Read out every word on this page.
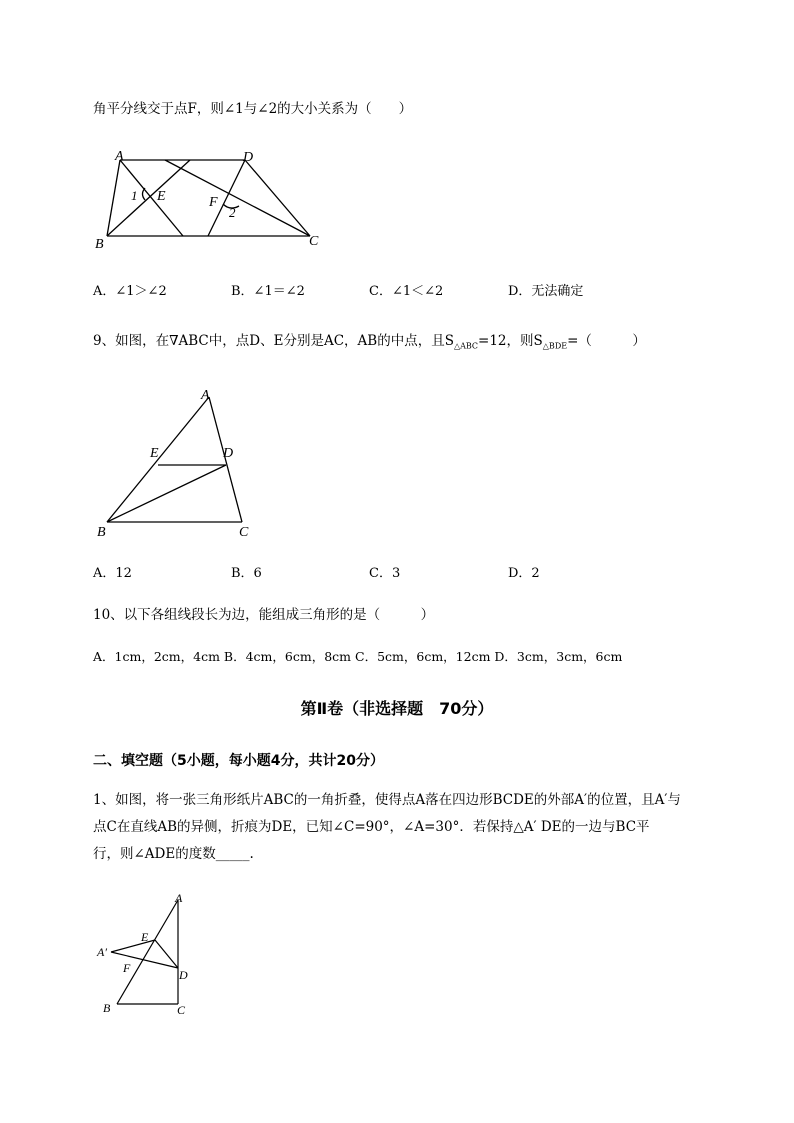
角平分线交于点F，则∠1与∠2的大小关系为（　　）
A	D
B	C
E	F
1
2
A．∠1＞∠2	B．∠1＝∠2	C．∠1＜∠2	D．无法确定
9、如图，在∇ABC中，点D、E分别是AC，AB的中点，且$S_{\triangle ABC}=12$，则$S_{\triangle BDE}=$（　　　）
A
E	D
B	C
A．12	B．6	C．3	D．2
10、以下各组线段长为边，能组成三角形的是（　　　）
A．1cm，2cm，4cm B．4cm，6cm，8cm C．5cm，6cm，12cm D．3cm，3cm，6cm
第Ⅱ卷（非选择题　70分）
二、填空题（5小题，每小题4分，共计20分）
1、如图，将一张三角形纸片ABC的一角折叠，使得点A落在四边形BCDE的外部A′的位置，且A′与
点C在直线AB的异侧，折痕为DE，已知∠C=90°，∠A=30°．若保持△A′ DE的一边与BC平
行，则∠ADE的度数_____.
A
E
A′
F	D
B	C
